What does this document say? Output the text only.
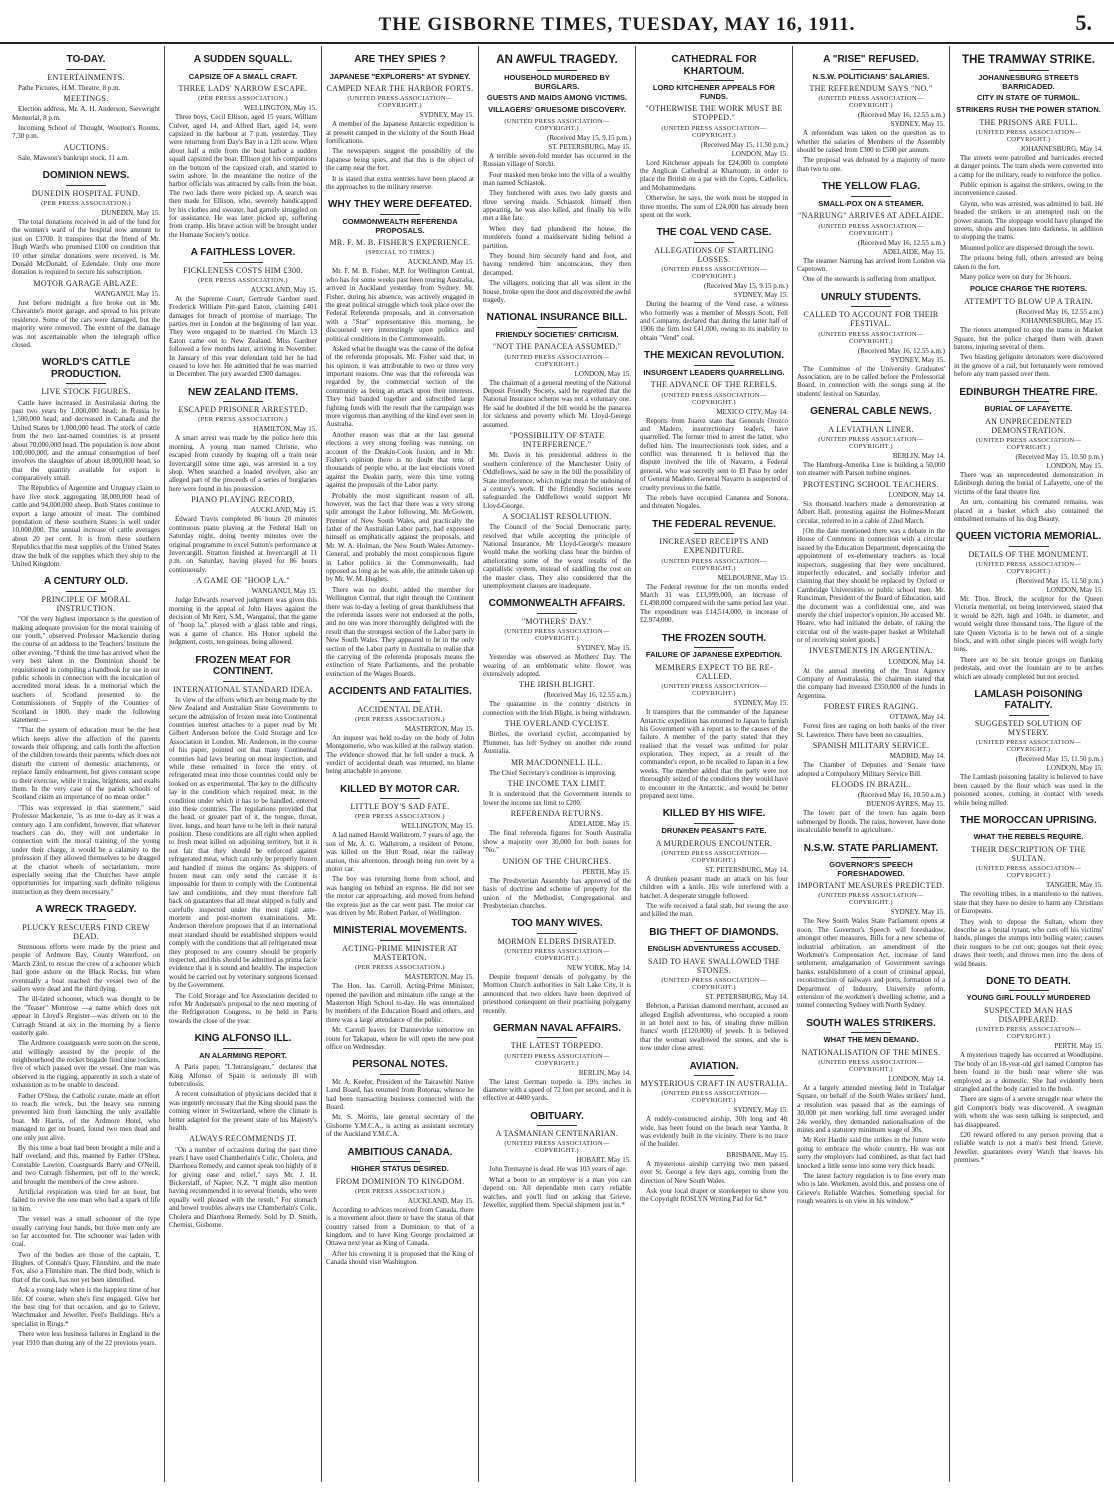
THE GISBORNE TIMES, TUESDAY, MAY 16, 1911.	5.
TO-DAY.
ENTERTAINMENTS.
Pathe Pictures, H.M. Theatre, 8 p.m.
MEETINGS.
Election address, Mr. A. H. Anderson, Sievwright Memorial, 8 p.m.
Incoming School of Thought, Wootton's Rooms, 7.30 p.m.
AUCTIONS.
Sale, Mawson's bankrupt stock, 11 a.m.
DOMINION NEWS.
DUNEDIN HOSPITAL FUND.
(PER PRESS ASSOCIATION.)
DUNEDIN, May 15.
The total donations received in aid of the fund for the women's ward of the hospital now amount to just on £3700. It transpires that the friend of Mr. Hugh Ward's who promised £100 on condition that 10 other similar donations were received, is Mr. Donald McDonald, of Edendale. Only one more donation is required to secure his subscription.
MOTOR GARAGE ABLAZE.
WANGANUI, May 15.
Just before midnight a fire broke out in Mr. Chavanne's motor garage, and spread to his private residence. Some of the cars were damaged, but the majority were removed. The extent of the damage was not ascertainable when the telegraph office closed.
WORLD'S CATTLE PRODUCTION.
LIVE STOCK FIGURES.
Cattle have increased in Australasia during the past two years by 1,000,000 head; in Russia by 1,500,000 head; and decreased in Canada and the United States by 1,000,000 head. The stock of cattle from the two last-named countries is at present about 70,000,000 head. The population is now about 100,000,000, and the annual consumption of beef involves the slaughter of about 18,000,000 head, so that the quantity available for export is comparatively small.
The Republics of Argentine and Uruguay claim to have live stock aggregating 38,000,000 head of cattle and 94,000,000 sheep. Both States continue to export a large amount of meat. The combined population of these southern States is well under 10,000,000. The annual increase of cattle averages about 20 per cent. It is from these southern Republics that the meat supplies of the United States draw the bulk of the supplies which they ship to the United Kingdom.
A CENTURY OLD.
PRINCIPLE OF MORAL INSTRUCTION.
"Of the very highest importance is the question of making adequate provision for the moral training of our youth," observed Professor Mackenzie during the course of an address to the Teachers' Institute the other evening. "I think the time has arrived when the very best talent in the Dominion should be requisitioned in compiling a handbook for use in our public schools in connection with the inculcation of accredited moral ideas. In a memorial which the teachers of Scotland presented to the Commissioners of Supply of the Counties of Scotland in 1800, they made the following statement:—
"That the system of education must be the best which keeps alive the affection of the parents towards their offspring, and calls forth the affection of the children towards their parents, which does not disturb the current of domestic attachments, or replace family endearment, but gives constant scope to their exercise, while it trains, brightens, and exalts them. In the very case of the parish schools of Scotland claim an importance of no mean order."
"This was expressed in that statement," said Professor Mackenzie, "is as true to-day as it was a century ago. I am confident, however, that whatever teachers can do, they will not undertake in connection with the moral training of the young under their charge, it would be a calamity to the profession if they allowed themselves to be dragged at the chariot wheels of sectarianism, more especially seeing that the Churches have ample opportunities for imparting such definite religious instruction as they deem necessary."
A WRECK TRAGEDY.
PLUCKY RESCUERS FIND CREW DEAD.
Strenuous efforts were made by the priest and people of Ardmore Bay, County Waterford, on March 23rd, to rescue the crew of a schooner which had gone ashore on the Black Rocks, but when eventually a boat reached the vessel two of the sailors were dead and the third dying.
The ill-fated schooner, which was thought to be the "Teaser" Montrose —a name which does not appear in Lloyd's Register—was driven on to the Curragh Strand at six in the morning by a fierce easterly gale.
The Ardmore coastguards were soon on the scene, and willingly assisted by the people of the neighbourhood the rocket brigade fired nine rockets, five of which passed over the vessel. One man was observed in the rigging, apparently in such a state of exhaustion as to be unable to descend.
Father O'Shea, the Catholic curate, made an effort to reach the wreck, but the heavy sea running prevented him from launching the only available boat. Mr Harris, of the Ardmore Hotel, who managed to get on board, found two men dead and one only just alive.
By this time a boat had been brought a mile and a half overland, and this, manned by Father O'Shea, Constable Lawton, Coastguards Barry and O'Neill, and two Curragh fishermen, put off to the wreck, and brought the members of the crew ashore.
Artificial respiration was tried for an hour, but failed to revive the one man who had a spark of life in him.
The vessel was a small schooner of the type usually carrying four hands, but three men only are so far accounted for. The schooner was laden with coal.
Two of the bodies are those of the captain, T. Hughes, of Connah's Quay, Flintshire, and the mate Fox, also a Flintshire man. The third body, which is that of the cook, has not yet been identified.
Ask a young lady when is the happiest time of her life. Of course, when she's first engaged. Give her the best ring for that occasion, and go to Grieve, Watchmaker and Jeweller, Peel's Buildings. He's a specialist in Rings.*
There were less business failures in England in the year 1910 than during any of the 22 previous years.
A SUDDEN SQUALL.
CAPSIZE OF A SMALL CRAFT.
THREE LADS' NARROW ESCAPE.
(PER PRESS ASSOCIATION.)
WELLINGTON, May 15.
Three boys, Cecil Ellison, aged 15 years, William Culver, aged 14, and Alfred Hart, aged 14, were capsized in the harbour at 7 p.m. yesterday. They were returning from Day's Bay in a 12ft scow. When about half a mile from the boat harbor a sudden squall capsized the boat. Ellison got his companions on the bottom of the capsized craft, and started to swim ashore. In the meantime the notice of the harbor officials was attracted by calls from the boat. The two lads there were picked up. A search was then made for Ellison, who, severely handicapped by his clothes and sweater, had gamely struggled on for assistance. He was later picked up, suffering from cramp. His brave action will be brought under the Humane Society's notice.
A FAITHLESS LOVER.
FICKLENESS COSTS HIM £300.
(PER PRESS ASSOCIATION.)
AUCKLAND, May 15.
At the Supreme Court, Gertrude Gardner sued Frederick William Pitt-gard Eaton, claiming £401 damages for breach of promise of marriage. The parties met in London at the beginning of last year. They were engaged to be married. On March 13 Eaton came out to New Zealand. Miss Gardner followed a few months later, arriving in November. In January of this year defendant told her he had ceased to love her. He admitted that he was married in December. The jury awarded £300 damages.
NEW ZEALAND ITEMS.
ESCAPED PRISONER ARRESTED.
(PER PRESS ASSOCIATION.)
HAMILTON, May 15.
A smart arrest was made by the police here this morning. A young man named Christie, who escaped from custody by leaping off a train near Invercargill some time ago, was arrested in a toy shop. When searched a loaded revolver, also an alleged part of the proceeds of a series of burglaries here were found in his possession.
PIANO PLAYING RECORD.
AUCKLAND, May 15.
Edward Travis completed 86 hours 20 minutes continuous piano playing at the Federal Hall on Saturday night, doing twenty minutes over the original programme to excel Sutton's performance at Invercargill. Stratton finished at Invercargill at 11 p.m. on Saturday, having played for 86 hours continuously.
A GAME OF "HOOP LA."
WANGANUI, May 15.
Judge Edwards reserved judgment was given this morning in the appeal of John Hayes against the decision of Mr Kerr, S.M., Wanganui, that the game of "hoop la," played with a glass table and rings, was a game of chance. His Honor upheld the judgment, costs, ten guineas, being allowed.
FROZEN MEAT FOR CONTINENT.
INTERNATIONAL STANDARD IDEA.
In view of the efforts which are being made by the New Zealand and Australian State Governments to secure the admission of frozen meat into Continental countries interest attaches to a paper read by Mr Gilbert Anderson before the Cold Storage and Ice Association in London. Mr. Anderson, in the course of his paper, pointed out that many Continental countries had laws bearing on meat inspection, and while these remained in force the entry of refrigerated meat into those countries could only be looked on as experimental. The key to the difficulty lay in the condition which required meat, in the condition under which it has to be handled, entered into these countries. The regulations provided that the head, or greater part of it, the tongue, throat, liver, lungs, and heart have to be left in their natural position. These conditions are all right when applied to fresh meat killed on adjoining territory, but it is not fair that they should be enforced against refrigerated meat, which can only be properly frozen and handled if minus the organs. As shippers of frozen meat can only send the carcase it is impossible for them to comply with the Continental law and conditions, and they must therefore fall back on guarantees that all meat shipped is fully and carefully inspected under the most rigid ante-mortem and post-mortem examinations. Mr. Anderson therefore proposes that if an international meat standard should be established shippers would comply with the conditions that all refrigerated meat they proposed to any country should be properly inspected, and this should be admitted as prima facie evidence that it is sound and healthy. The inspection would be carried out by veterinary surgeons licensed by the Government.
The Cold Storage and Ice Association decided to refer Mr Anderson's proposal to the next meeting of the Refrigeration Congress, to be held in Paris towards the close of the year.
KING ALFONSO ILL.
AN ALARMING REPORT.
A Paris paper, "L'Intransigeant," declares that King Alfonso of Spain is seriously ill with tuberculosis.
A recent consultation of physicians decided that it was urgently necessary that the King should pass the coming winter in Switzerland, where the climate is better adapted for the present state of his Majesty's health.
ALWAYS RECOMMENDS IT.
"On a number of occasions during the past three years I have used Chamberlain's Colic, Cholera, and Diarrhoea Remedy, and cannot speak too highly of it for giving ease and relief," says Mr. J. H. Bickerstaff, of Napier, N.Z. "I might also mention having recommended it to several friends, who were equally well pleased with the result." For stomach and bowel troubles always use Chamberlain's Colic, Cholera and Diarrhoea Remedy. Sold by D. Smith, Chemist, Gisborne.
ARE THEY SPIES ?
JAPANESE "EXPLORERS" AT SYDNEY.
CAMPED NEAR THE HARBOR FORTS.
(UNITED PRESS ASSOCIATION—COPYRIGHT.)
SYDNEY, May 15.
A member of the Japanese Antarctic expedition is at present camped in the vicinity of the South Head fortifications.
The newspapers suggest the possibility of the Japanese being spies, and that this is the object of the camp near the fort.
It is stated that extra sentries have been placed at the approaches to the military reserve.
WHY THEY WERE DEFEATED.
COMMONWEALTH REFERENDA PROPOSALS.
MR. F. M. B. FISHER'S EXPERIENCE.
(SPECIAL TO TIMES.)
AUCKLAND, May 15.
Mr. F. M. B. Fisher, M.P. for Wellington Central, who has for some weeks past been touring Australia, arrived in Auckland yesterday from Sydney. Mr. Fisher, during his absence, was actively engaged in the great political struggle which took place over the Federal Referenda proposals, and in conversation with a "Star" representative this morning, he discoursed very interestingly upon politics and political conditions in the Commonwealth.
Asked what he thought was the cause of the defeat of the referenda proposals, Mr. Fisher said that, in his opinion, it was attributable to two or three very important reasons. One was that the referenda was regarded by the commercial section of the community as being an attack upon their interests. They had banded together and subscribed large fighting funds with the result that the campaign was more vigorous than anything of the kind ever seen in Australia.
Another reason was that at the last general elections a very strong feeling was running, on account of the Deakin-Cook fusion, and in Mr. Fisher's opinion there is no doubt that tens of thousands of people who, at the last elections voted against the Deakin party, were this time voting against the proposals of the Labor party.
Probably the most significant reason of all, however, was the fact that there was a very strong split amongst the Labor following. Mr. McGowen, Premier of New South Wales, and practically the father of the Australian Labor party, had expressed himself as emphatically against the proposals, and Mr. W. A. Holman, the New South Wales Attorney-General, and probably the most conspicuous figure in Labor politics in the Commonwealth, had opposed as long as he was able, the attitude taken up by Mr. W. M. Hughes.
There was no doubt, added the member for Wellington Central, that right through the Continent there was to-day a feeling of great thankfulness that the referenda issues were not endorsed at the polls, and no one was more thoroughly delighted with the result than the strongest section of the Labor party in New South Wales. They appeared to be in the only section of the Labor party in Australia to realise that the carrying of the referenda proposals means the extinction of State Parliaments, and the probable extinction of the Wages Boards.
ACCIDENTS AND FATALITIES.
ACCIDENTAL DEATH.
(PER PRESS ASSOCIATION.)
MASTERTON, May 15.
An inquest was held to-day on the body of John Montgomerie, who was killed at the railway station. The evidence showed that he fell under a truck. A verdict of accidental death was returned, no blame being attachable to anyone.
KILLED BY MOTOR CAR.
LITTLE BOY'S SAD FATE.
(PER PRESS ASSOCIATION.)
WELLINGTON, May 15.
A lad named Harold Wallstrom, 7 years of age, the son of Mr. A. G. Wallstrom, a resident of Petone, was killed on the Hutt Road, near the railway station, this afternoon, through being run over by a motor car.
The boy was returning home from school, and was hanging on behind an express. He did not see the motor car approaching, and moved from behind the express just as the car went past. The motor car was driven by Mr. Robert Parker, of Wellington.
MINISTERIAL MOVEMENTS.
ACTING-PRIME MINISTER AT MASTERTON.
(PER PRESS ASSOCIATION.)
MASTERTON, May 15.
The Hon. Jas. Carroll, Acting-Prime Minister, opened the pavilion and miniature rifle range at the Masterton High School to-day. He was entertained by members of the Education Board and others, and there was a large attendance of the public.
Mr. Carroll leaves for Dannevirke tomorrow en route for Takapau, where he will open the new post office on Wednesday.
PERSONAL NOTES.
Mr. A. Keefer, President of the Tairawhiti Native Land Board, has returned from Rotorua, whence he had been transacting business connected with the Board.
Mr. S. Morris, late general secretary of the Gisborne Y.M.C.A., is acting as assistant secretary of the Auckland Y.M.C.A.
AMBITIOUS CANADA.
HIGHER STATUS DESIRED.
FROM DOMINION TO KINGDOM.
(PER PRESS ASSOCIATION.)
AUCKLAND, May 15.
According to advices received from Canada, there is a movement afoot there to have the status of that country raised from a Dominion to that of a kingdom, and to have King George proclaimed at Ottawa next year as King of Canada.
After his crowning it is proposed that the King of Canada should visit Washington.
AN AWFUL TRAGEDY.
HOUSEHOLD MURDERED BY BURGLARS.
GUESTS AND MAIDS AMONG VICTIMS.
VILLAGERS' GRUESOME DISCOVERY.
(UNITED PRESS ASSOCIATION—COPYRIGHT.)
(Received May 15, 9.15 p.m.)
ST. PETERSBURG, May 15.
A terrible seven-fold murder has occurred in the Russian village of Sorchi.
Four masked men broke into the villa of a wealthy man named Schiastok.
They butchered with axes two lady guests and three serving maids. Schiastok himself then appearing, he was also killed, and finally his wife met a like fate.
When they had plundered the house, the murderers found a maidservant hiding behind a partition.
They bound him securely hand and foot, and having rendered him unconscious, they then decamped.
The villagers, noticing that all was silent in the house, broke open the door and discovered the awful tragedy.
NATIONAL INSURANCE BILL.
FRIENDLY SOCIETIES' CRITICISM.
"NOT THE PANACEA ASSUMED."
(UNITED PRESS ASSOCIATION—COPYRIGHT.)
LONDON, May 15.
The chairman of a general meeting of the National Deposit Friendly Society, said he regretted that the National Insurance scheme was not a voluntary one. He said he doubted if the bill would be the panacea for sickness and poverty which Mr. Lloyd-George assumed.
"POSSIBILITY OF STATE INTERFERENCE."
Mr. Davis in his presidential address to the southern conference of the Manchester Unity of Oddfellows, said he saw in the bill the possibility of State interference, which might mean the undoing of a century's work. If the Friendly Societies were safeguarded the Oddfellows would support Mr Lloyd-George.
A SOCIALIST RESOLUTION.
The Council of the Social Democratic party, resolved that while accepting the principle of National Insurance, Mr Lloyd-George's measure would make the working class bear the burden of ameliorating some of the worst results of the capitalistic system, instead of saddling the cost on the master class. They also considered that the unemployment clauses are inadequate.
COMMONWEALTH AFFAIRS.
"MOTHERS' DAY."
(UNITED PRESS ASSOCIATION—COPYRIGHT.)
SYDNEY, May 15.
Yesterday was observed as Mothers' Day. The wearing of an emblematic white flower was extensively adopted.
THE IRISH BLIGHT.
(Received May 16, 12.55 a.m.)
The quarantine in the country districts in connection with the Irish Blight, is being withdrawn.
THE OVERLAND CYCLIST.
Birtles, the overland cyclist, accompanied by Plummer, has left Sydney on another ride round Australia.
MR MACDONNELL ILL.
The Chief Secretary's condition is improving.
THE INCOME TAX LIMIT.
It is understood that the Government intends to lower the income tax limit to £200.
REFERENDA RETURNS.
ADELAIDE, May 15.
The final referenda figures for South Australia show a majority over 30,000 for both issues for "No."
UNION OF THE CHURCHES.
PERTH, May 15.
The Presbyterian Assembly has approved of the basis of doctrine and scheme of property for the union of the Methodist, Congregational and Presbyterian churches.
TOO MANY WIVES.
MORMON ELDERS DISRATED.
(UNITED PRESS ASSOCIATION—COPYRIGHT.)
NEW YORK, May 14.
Despite frequent denials of polygamy by the Mormon Church authorities in Salt Lake City, it is announced that two elders have been deprived of priesthood consequent on their practising polygamy recently.
GERMAN NAVAL AFFAIRS.
THE LATEST TORPEDO.
(UNITED PRESS ASSOCIATION—COPYRIGHT.)
BERLIN, May 14.
The latest German torpedo is 19½ inches in diameter with a speed of 72 feet per second, and it is effective at 4400 yards.
OBITUARY.
A TASMANIAN CENTENARIAN.
(UNITED PRESS ASSOCIATION—COPYRIGHT.)
HOBART, May 15.
John Tremayne is dead. He was 103 years of age.
What a boon to an employer is a man you can depend on. All dependable men carry reliable watches, and you'll find on asking that Grieve, Jeweller, supplied them. Special shipment just in.*
CATHEDRAL FOR KHARTOUM.
LORD KITCHENER APPEALS FOR FUNDS.
"OTHERWISE THE WORK MUST BE STOPPED."
(UNITED PRESS ASSOCIATION—COPYRIGHT.)
(Received May 15, 11.50 p.m.)
LONDON, May 15.
Lord Kitchener appeals for £24,000 to complete the Anglican Cathedral at Khartoum, in order to place the British on a par with the Copts, Catholics, and Mohammedans.
Otherwise, he says, the work must be stopped in three months. The sum of £24,000 has already been spent on the work.
THE COAL VEND CASE.
ALLEGATIONS OF STARTLING LOSSES.
(UNITED PRESS ASSOCIATION—COPYRIGHT.)
(Received May 15, 9.15 p.m.)
SYDNEY, May 15.
During the hearing of the Vend case, a witness who formerly was a member of Messrs Scott, Fell and Company, declared that during the latter half of 1906 the firm lost £41,000, owing to its inability to obtain "Vend" coal.
THE MEXICAN REVOLUTION.
INSURGENT LEADERS QUARRELLING.
THE ADVANCE OF THE REBELS.
(UNITED PRESS ASSOCIATION—COPYRIGHT.)
MEXICO CITY, May 14.
Reports from Juarez state that Generals Orozco and Madero, insurrectionary leaders, have quarrelled. The former tried to arrest the latter, who defied him. The insurrectionists took sides, and a conflict was threatened. It is believed that the dispute involved the life of Navarro, a Federal general, who was secretly sent to El Paso by order of General Madero. General Navarro is suspected of cruelty previous to the battle.
The rebels have occupied Cananea and Sonora, and threaten Nogales.
THE FEDERAL REVENUE.
INCREASED RECEIPTS AND EXPENDITURE.
(UNITED PRESS ASSOCIATION—COPYRIGHT.)
MELBOURNE, May 15.
The Federal revenue for the ten months ended March 31 was £13,999,000, an increase of £1,498,000 compared with the same period last year. The expenditure was £14,514,000, in increase of £2,974,000.
THE FROZEN SOUTH.
FAILURE OF JAPANESE EXPEDITION.
MEMBERS EXPECT TO BE RE-CALLED.
(UNITED PRESS ASSOCIATION—COPYRIGHT.)
SYDNEY, May 15.
It transpires that the commander of the Japanese Antarctic expedition has returned to Japan to furnish his Government with a report as to the causes of the failure. A member of the party stated that they realised that the vessel was unfitted for polar exploration. They expect, as a result of the commander's report, to be recalled to Japan in a few weeks. The member added that the party were not thoroughly seized of the conditions they would have to encounter in the Antarctic, and would be better prepared next time.
KILLED BY HIS WIFE.
DRUNKEN PEASANT'S FATE.
A MURDEROUS ENCOUNTER.
(UNITED PRESS ASSOCIATION—COPYRIGHT.)
ST. PETERSBURG, May 14.
A drunken peasant made an attack on his four children with a knife. His wife interfered with a hatchet. A desperate struggle followed.
The wife received a fatal stab, but swung the axe and killed the man.
BIG THEFT OF DIAMONDS.
ENGLISH ADVENTURESS ACCUSED.
SAID TO HAVE SWALLOWED THE STONES.
(UNITED PRESS ASSOCIATION—COPYRIGHT.)
ST. PETERSBURG, May 14.
Bebrion, a Parisian diamond merchant, accused an alleged English adventuress, who occupied a room in an hotel next to his, of stealing three million francs' worth (£120,000) of jewels. It is believed that the woman swallowed the stones, and she is now under close arrest.
AVIATION.
MYSTERIOUS CRAFT IN AUSTRALIA.
(UNITED PRESS ASSOCIATION—COPYRIGHT.)
SYDNEY, May 15.
A rudely-constructed airship, 30ft long and 4ft wide, has been found on the beach near Yamba. It was evidently built in the vicinity. There is no trace of the builder.
BRISBANE, May 15.
A mysterious airship carrying two men passed over St. George a few days ago, coming from the direction of New South Wales.
Ask your local draper or storekeeper to show you the Copyright ROSLYN Writing Pad for 6d.*
A "RISE" REFUSED.
N.S.W. POLITICIANS' SALARIES.
THE REFERENDUM SAYS "NO."
(UNITED PRESS ASSOCIATION—COPYRIGHT.)
(Received May 16, 12.55 a.m.)
SYDNEY, May 15.
A referendum was taken on the question as to whether the salaries of Members of the Assembly should be raised from £300 to £500 per annum.
The proposal was defeated by a majority of more than two to one.
THE YELLOW FLAG.
SMALL-POX ON A STEAMER.
"NARRUNG" ARRIVES AT ADELAIDE.
(UNITED PRESS ASSOCIATION—COPYRIGHT.)
(Received May 16, 12.55 a.m.)
ADELAIDE, May 15.
The steamer Narrung has arrived from London via Capetown.
One of the stewards is suffering from smallpox.
UNRULY STUDENTS.
CALLED TO ACCOUNT FOR THEIR FESTIVAL.
(UNITED PRESS ASSOCIATION—COPYRIGHT.)
(Received May 16, 12.55 a.m.)
SYDNEY, May 15.
The Committee of the University Graduates' Association, are to be called before the Professorial Board, in connection with the songs sung at the students' festival on Saturday.
GENERAL CABLE NEWS.
A LEVIATHAN LINER.
(UNITED PRESS ASSOCIATION—COPYRIGHT.)
BERLIN, May 14.
The Hamburg-Amerika Line is building a 50,000 ton steamer with Parson turbine engines.
PROTESTING SCHOOL TEACHERS.
LONDON, May 14.
Six thousand teachers made a demonstration at Albert Hall, protesting against the Holmes-Morant circular, referred to in a cable of 22nd March.
[On the date mentioned there was a debate in the House of Commons in connection with a circular issued by the Education Department, deprecating the appointment of ex-elementary teachers as local inspectors, suggesting that they were uncultured, imperfectly educated, and socially inferior and claiming that they should be replaced by Oxford or Cambridge Universities or public school men. Mr. Runciman, President of the Board of Education, said the document was a confidential one, and was merely the chief inspector's opinion. He accused Mr. Hoare, who had initiated the debate, of raking the circular out of the waste-paper basket at Whitehall or of receiving stolen goods.]
INVESTMENTS IN ARGENTINA.
LONDON, May 14.
At the annual meeting of the Trust Agency Company of Australasia, the chairman stated that the company had invested £350,000 of the funds in Argentina.
FOREST FIRES RAGING.
OTTAWA, May 14.
Forest fires are raging on both banks of the river St. Lawrence. There have been no casualties.
SPANISH MILITARY SERVICE.
MADRID, May 14.
The Chamber of Deputies and Senate have adopted a Compulsory Military Service Bill.
FLOODS IN BRAZIL.
(Received May 16, 10.50 a.m.)
BUENOS AYRES, May 15.
The lower part of the town has again been submerged by floods. The rains, however, have done incalculable benefit to agriculture.
N.S.W. STATE PARLIAMENT.
GOVERNOR'S SPEECH FORESHADOWED.
IMPORTANT MEASURES PREDICTED.
(UNITED PRESS ASSOCIATION—COPYRIGHT.)
SYDNEY, May 15.
The New South Wales State Parliament opens at noon. The Governor's Speech will foreshadow, amongst other measures, Bills for a new scheme of industrial arbitration, an amendment of the Workmen's Compensation Act, increase of land settlement, amalgamation of Government savings banks, establishment of a court of criminal appeal, reconstruction of railways and ports, formation of a Department of Industry, University reform, extension of the workmen's dwelling scheme, and a tunnel connecting Sydney with North Sydney.
SOUTH WALES STRIKERS.
WHAT THE MEN DEMAND.
NATIONALISATION OF THE MINES.
(UNITED PRESS ASSOCIATION—COPYRIGHT.)
LONDON, May 14.
At a largely attended meeting held in Trafalgar Square, on behalf of the South Wales strikers' fund, a resolution was passed that as the earnings of 30,000 pit men working full time averaged under 24s weekly, they demanded nationalisation of the mines and a statutory minimum wage of 30s.
Mr Keir Hardie said the strikes in the future were going to embrace the whole country. He was not sorry the employers had combined, as that fact had knocked a little sense into some very thick heads.
The latest factory regulation is to fine every man who is late. Workmen, avoid this, and possess one of Grieve's Reliable Watches. Something special for rough wearers is on view in his window.*
THE TRAMWAY STRIKE.
JOHANNESBURG STREETS BARRICADED.
CITY IN STATE OF TURMOIL.
STRIKERS RUSH THE POWER STATION.
THE PRISONS ARE FULL.
(UNITED PRESS ASSOCIATION—COPYRIGHT.)
JOHANNESBURG, May 14.
The streets were patrolled and barricades erected at danger points. The tram sheds were converted into a camp for the military, ready to reinforce the police.
Public opinion is against the strikers, owing to the inconvenience caused.
Glynn, who was arrested, was admitted to bail. He headed the strikers in an attempted rush on the power station. The stoppage would have plunged the streets, shops and houses into darkness, in addition to stopping the trams.
Mounted police are dispersed through the town.
The prisons being full, others arrested are being taken to the fort.
Many police were on duty for 36 hours.
POLICE CHARGE THE RIOTERS.
ATTEMPT TO BLOW UP A TRAIN.
(Received May 16, 12.55 a.m.)
JOHANNESBURG, May 15.
The rioters attempted to stop the trams in Market Square, but the police charged them with drawn batons, injuring several of them.
Two blasting gelignite detonators were discovered in the groove of a rail, but fortunately were removed before any tram passed over them.
EDINBURGH THEATRE FIRE.
BURIAL OF LAFAYETTE.
AN UNPRECEDENTED DEMONSTRATION.
(UNITED PRESS ASSOCIATION—COPYRIGHT.)
(Received May 15, 10.50 p.m.)
LONDON, May 15.
There was an unprecedented demonstration in Edinburgh during the burial of Lafayette, one of the victims of the fatal theatre fire.
An urn, containing his cremated remains, was placed in a basket which also contained the embalmed remains of his dog Beauty.
QUEEN VICTORIA MEMORIAL.
DETAILS OF THE MONUMENT.
(UNITED PRESS ASSOCIATION—COPYRIGHT.)
(Received May 15, 11.50 p.m.)
LONDON, May 15.
Mr. Thos. Brock, the sculptor for the Queen Victoria memorial, on being interviewed, stated that it would be 82ft. high and 104ft. in diameter, and would weight three thousand tons. The figure of the late Queen Victoria is to be hewn out of a single block, and with other single pieces will weigh forty tons.
There are to be six bronze groups on flanking pedestals, and over the fountain are to be arches which are already completed but not erected.
LAMLASH POISONING FATALITY.
SUGGESTED SOLUTION OF MYSTERY.
(UNITED PRESS ASSOCIATION—COPYRIGHT.)
(Received May 15, 11.50 p.m.)
LONDON, May 15.
The Lamlash poisoning fatality is believed to have been caused by the flour which was used in the poisoned scones, coming in contact with weeds while being milled.
THE MOROCCAN UPRISING.
WHAT THE REBELS REQUIRE.
THEIR DESCRIPTION OF THE SULTAN.
(UNITED PRESS ASSOCIATION—COPYRIGHT.)
TANGIER, May 15.
The revolting tribes, in a manifesto to the natives, state that they have no desire to harm any Christians or Europeans.
They wish to depose the Sultan, whom they describe as a brutal tyrant, who cuts off his victims' hands, plunges the stumps into boiling water; causes their tongues to be cut out; gouges out their eyes; draws their teeth; and throws men into the dens of wild beasts.
DONE TO DEATH.
YOUNG GIRL FOULLY MURDERED
SUSPECTED MAN HAS DISAPPEARED.
(UNITED PRESS ASSOCIATION—COPYRIGHT.)
PERTH, May 15.
A mysterious tragedy has occurred at Woodlupine. The body of an 18-year-old girl named Compton has been found in the bush near where she was employed as a domestic. She had evidently been strangled and the body carried to the bush.
There are signs of a severe struggle near where the girl Compton's body was discovered. A swagman with whom she was seen talking is suspected, and has disappeared.
£20 reward offered to any person proving that a reliable watch is not a man's best friend. Grieve, Jeweller, guarantees every Watch that leaves his premises.*
